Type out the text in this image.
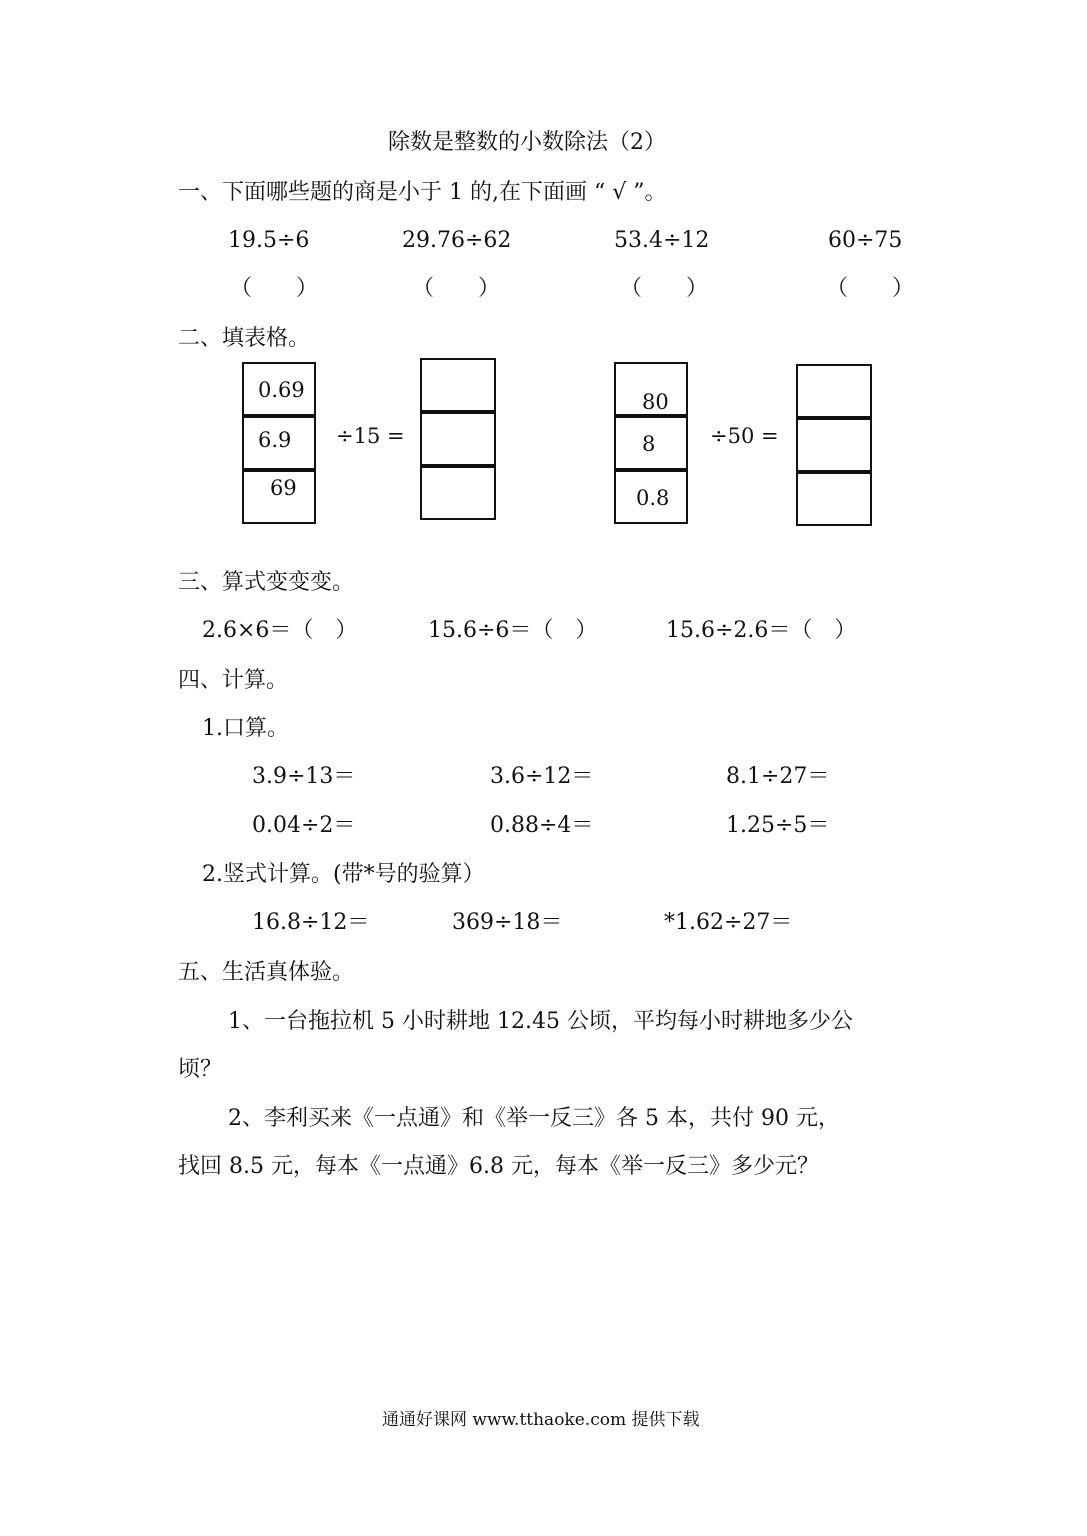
除数是整数的小数除法（2）
一、下面哪些题的商是小于 1 的,在下面画 “ √ ”。
19.5÷6	29.76÷62	53.4÷12	60÷75
（　　）	（　　）	（　　）	（　　）
二、填表格。
0.69
6.9
69
÷15 =
80
8
0.8
÷50 =
三、算式变变变。
2.6×6＝（　）	15.6÷6＝（　）	15.6÷2.6＝（　）
四、计算。
1.口算。
3.9÷13＝	3.6÷12＝	8.1÷27＝
0.04÷2＝	0.88÷4＝	1.25÷5＝
2.竖式计算。(带*号的验算）
16.8÷12＝	369÷18＝	*1.62÷27＝
五、生活真体验。
1、一台拖拉机 5 小时耕地 12.45 公顷，平均每小时耕地多少公
顷？
2、李利买来《一点通》和《举一反三》各 5 本，共付 90 元，
找回 8.5 元，每本《一点通》6.8 元，每本《举一反三》多少元？
通通好课网 www.tthaoke.com 提供下载
